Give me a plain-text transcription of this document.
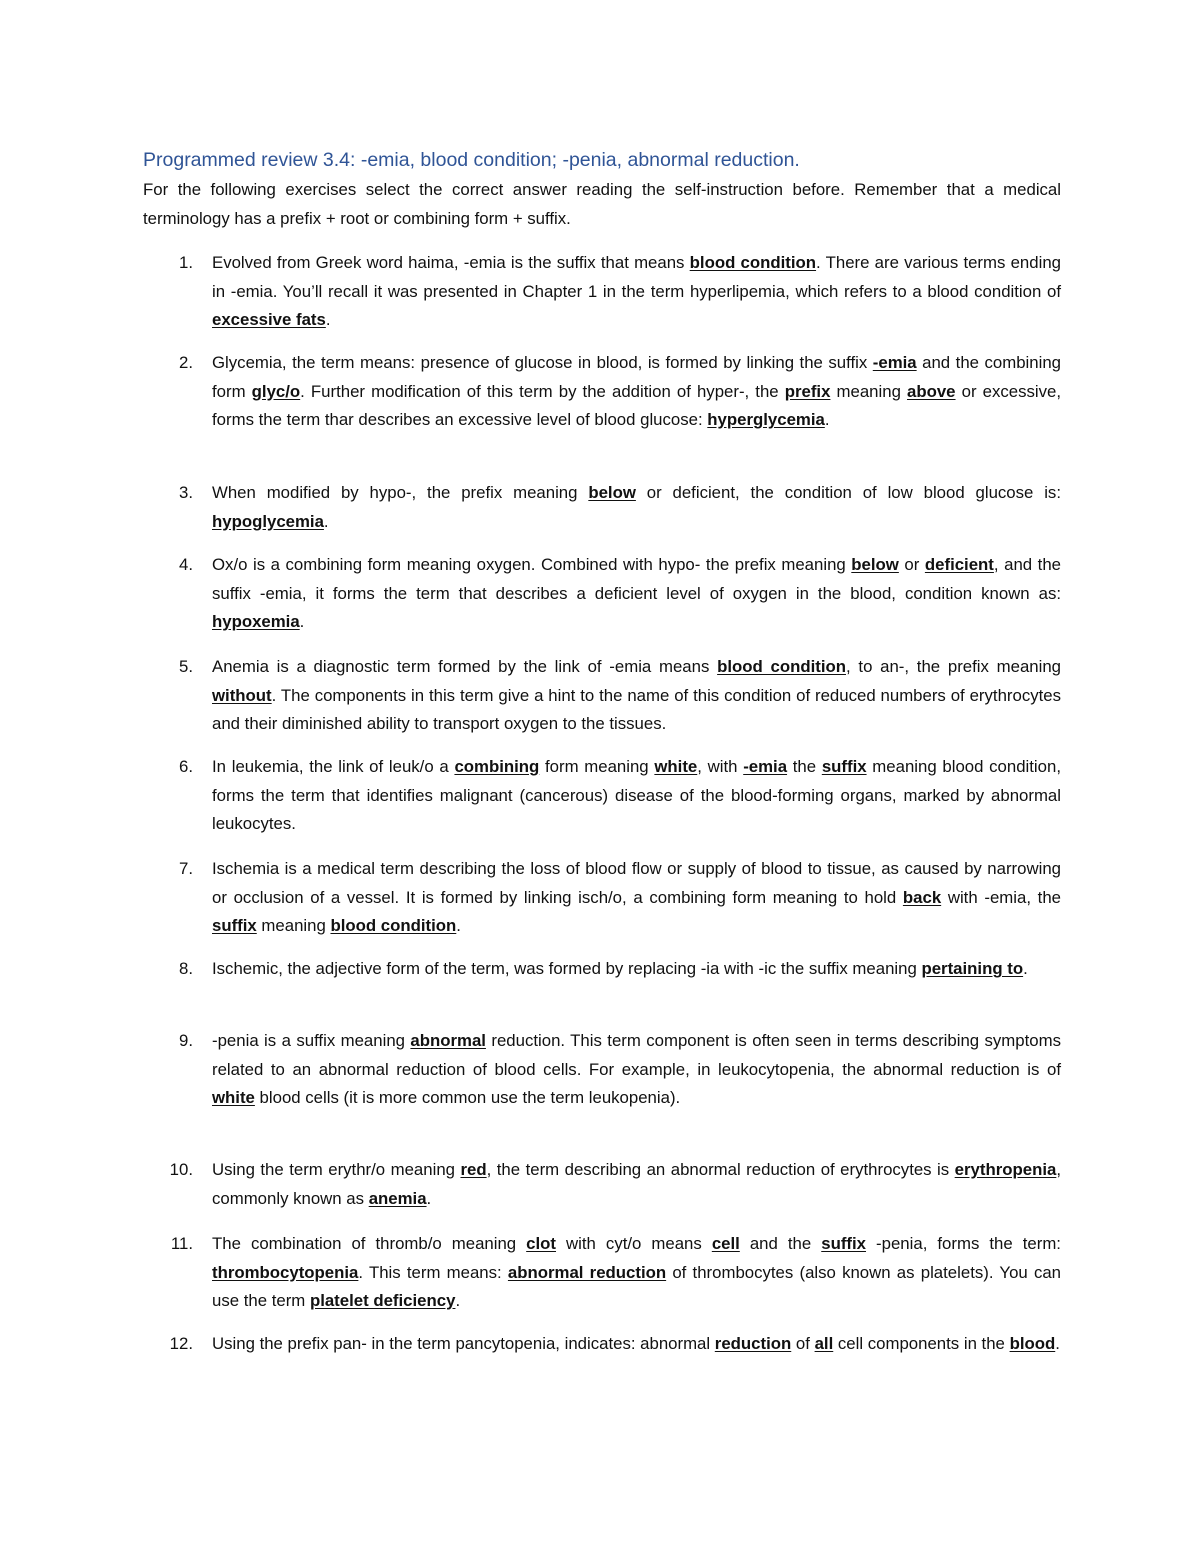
Programmed review 3.4: -emia, blood condition; -penia, abnormal reduction.
For the following exercises select the correct answer reading the self-instruction before. Remember that a medical terminology has a prefix + root or combining form + suffix.
1. Evolved from Greek word haima, -emia is the suffix that means blood condition. There are various terms ending in -emia. You’ll recall it was presented in Chapter 1 in the term hyperlipemia, which refers to a blood condition of excessive fats.
2. Glycemia, the term means: presence of glucose in blood, is formed by linking the suffix -emia and the combining form glyc/o. Further modification of this term by the addition of hyper-, the prefix meaning above or excessive, forms the term thar describes an excessive level of blood glucose: hyperglycemia.
3. When modified by hypo-, the prefix meaning below or deficient, the condition of low blood glucose is: hypoglycemia.
4. Ox/o is a combining form meaning oxygen. Combined with hypo- the prefix meaning below or deficient, and the suffix -emia, it forms the term that describes a deficient level of oxygen in the blood, condition known as: hypoxemia.
5. Anemia is a diagnostic term formed by the link of -emia means blood condition, to an-, the prefix meaning without. The components in this term give a hint to the name of this condition of reduced numbers of erythrocytes and their diminished ability to transport oxygen to the tissues.
6. In leukemia, the link of leuk/o a combining form meaning white, with -emia the suffix meaning blood condition, forms the term that identifies malignant (cancerous) disease of the blood-forming organs, marked by abnormal leukocytes.
7. Ischemia is a medical term describing the loss of blood flow or supply of blood to tissue, as caused by narrowing or occlusion of a vessel. It is formed by linking isch/o, a combining form meaning to hold back with -emia, the suffix meaning blood condition.
8. Ischemic, the adjective form of the term, was formed by replacing -ia with -ic the suffix meaning pertaining to.
9. -penia is a suffix meaning abnormal reduction. This term component is often seen in terms describing symptoms related to an abnormal reduction of blood cells. For example, in leukocytopenia, the abnormal reduction is of white blood cells (it is more common use the term leukopenia).
10. Using the term erythr/o meaning red, the term describing an abnormal reduction of erythrocytes is erythropenia, commonly known as anemia.
11. The combination of thromb/o meaning clot with cyt/o means cell and the suffix -penia, forms the term: thrombocytopenia. This term means: abnormal reduction of thrombocytes (also known as platelets). You can use the term platelet deficiency.
12. Using the prefix pan- in the term pancytopenia, indicates: abnormal reduction of all cell components in the blood.
